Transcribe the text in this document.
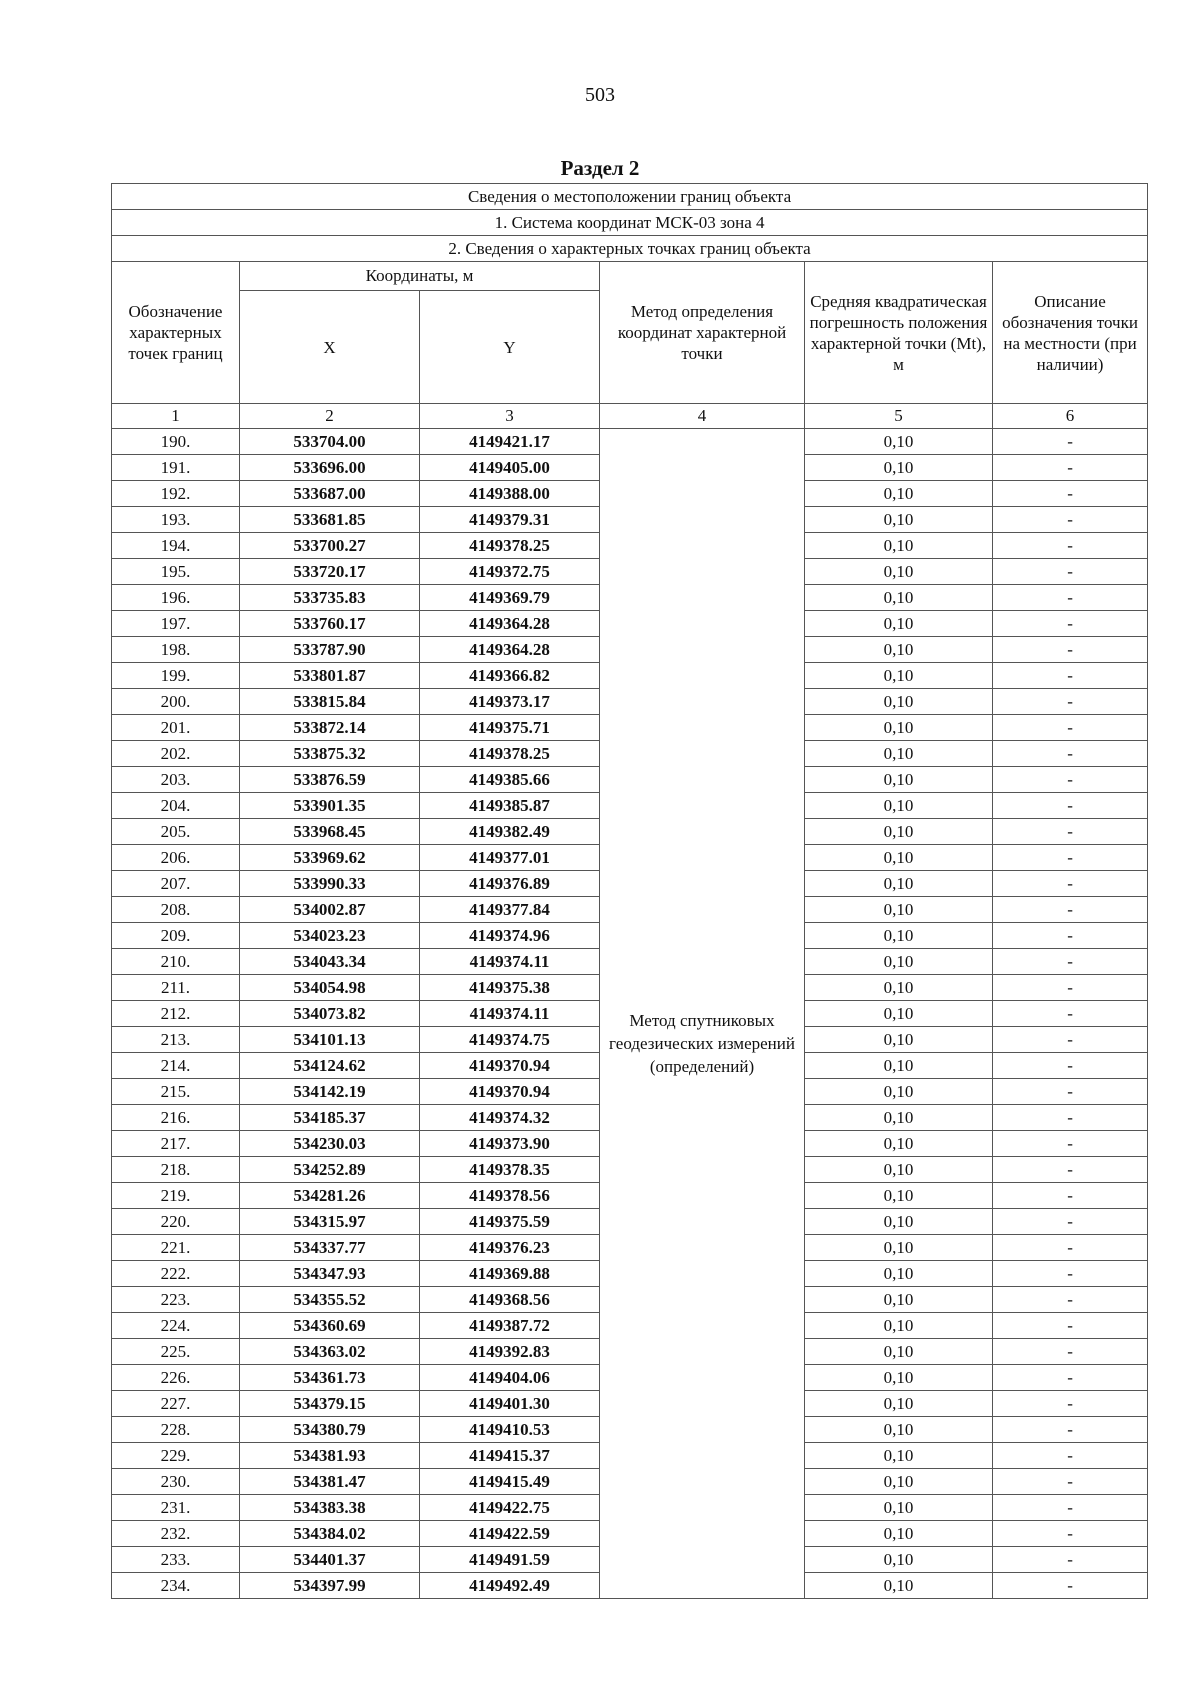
503
Раздел 2
Сведения о местоположении границ объекта					
1. Система координат МСК-03 зона 4					
2. Сведения о характерных точках границ объекта					
Обозначение характерных точек границ	Координаты, м		Метод определения координат характерной точки	Средняя квадратическая погрешность положения характерной точки (Mt), м	Описание обозначения точки на местности (при наличии)
	X	Y			
1	2	3	4	5	6
190.	533704.00	4149421.17	Метод спутниковых геодезических измерений (определений)	0,10	-
191.	533696.00	4149405.00		0,10	-
192.	533687.00	4149388.00		0,10	-
193.	533681.85	4149379.31		0,10	-
194.	533700.27	4149378.25		0,10	-
195.	533720.17	4149372.75		0,10	-
196.	533735.83	4149369.79		0,10	-
197.	533760.17	4149364.28		0,10	-
198.	533787.90	4149364.28		0,10	-
199.	533801.87	4149366.82		0,10	-
200.	533815.84	4149373.17		0,10	-
201.	533872.14	4149375.71		0,10	-
202.	533875.32	4149378.25		0,10	-
203.	533876.59	4149385.66		0,10	-
204.	533901.35	4149385.87		0,10	-
205.	533968.45	4149382.49		0,10	-
206.	533969.62	4149377.01		0,10	-
207.	533990.33	4149376.89		0,10	-
208.	534002.87	4149377.84		0,10	-
209.	534023.23	4149374.96		0,10	-
210.	534043.34	4149374.11		0,10	-
211.	534054.98	4149375.38		0,10	-
212.	534073.82	4149374.11		0,10	-
213.	534101.13	4149374.75		0,10	-
214.	534124.62	4149370.94		0,10	-
215.	534142.19	4149370.94		0,10	-
216.	534185.37	4149374.32		0,10	-
217.	534230.03	4149373.90		0,10	-
218.	534252.89	4149378.35		0,10	-
219.	534281.26	4149378.56		0,10	-
220.	534315.97	4149375.59		0,10	-
221.	534337.77	4149376.23		0,10	-
222.	534347.93	4149369.88		0,10	-
223.	534355.52	4149368.56		0,10	-
224.	534360.69	4149387.72		0,10	-
225.	534363.02	4149392.83		0,10	-
226.	534361.73	4149404.06		0,10	-
227.	534379.15	4149401.30		0,10	-
228.	534380.79	4149410.53		0,10	-
229.	534381.93	4149415.37		0,10	-
230.	534381.47	4149415.49		0,10	-
231.	534383.38	4149422.75		0,10	-
232.	534384.02	4149422.59		0,10	-
233.	534401.37	4149491.59		0,10	-
234.	534397.99	4149492.49		0,10	-
